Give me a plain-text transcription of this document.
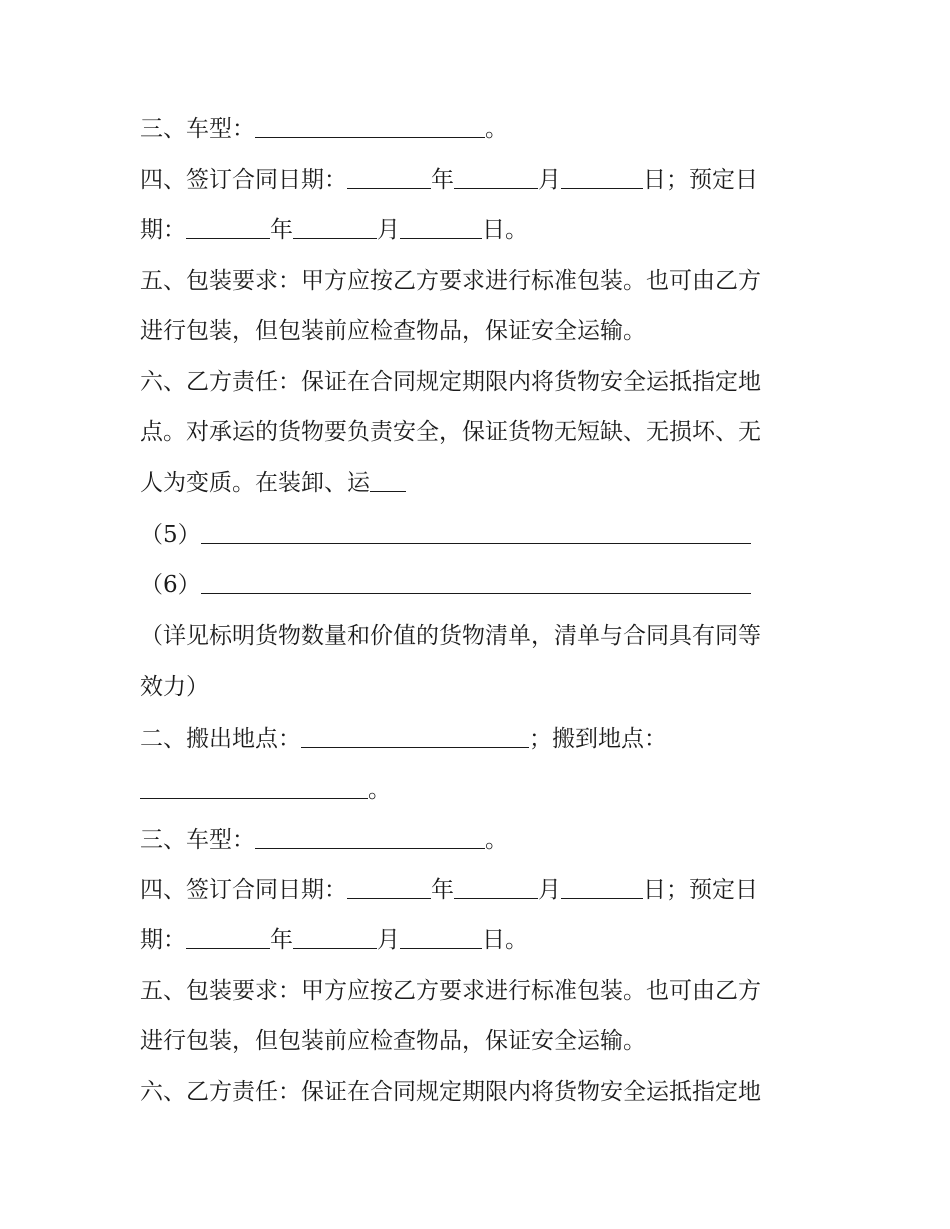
三、车型：	。
四、签订合同日期：	年	月	日；预定日
期：	年	月	日。
五、包装要求：甲方应按乙方要求进行标准包装。也可由乙方
进行包装，但包装前应检查物品，保证安全运输。
六、乙方责任：保证在合同规定期限内将货物安全运抵指定地
点。对承运的货物要负责安全，保证货物无短缺、无损坏、无
人为变质。在装卸、运
（5）
（6）
（详见标明货物数量和价值的货物清单，清单与合同具有同等
效力）
二、搬出地点：	；搬到地点：
。
三、车型：	。
四、签订合同日期：	年	月	日；预定日
期：	年	月	日。
五、包装要求：甲方应按乙方要求进行标准包装。也可由乙方
进行包装，但包装前应检查物品，保证安全运输。
六、乙方责任：保证在合同规定期限内将货物安全运抵指定地
